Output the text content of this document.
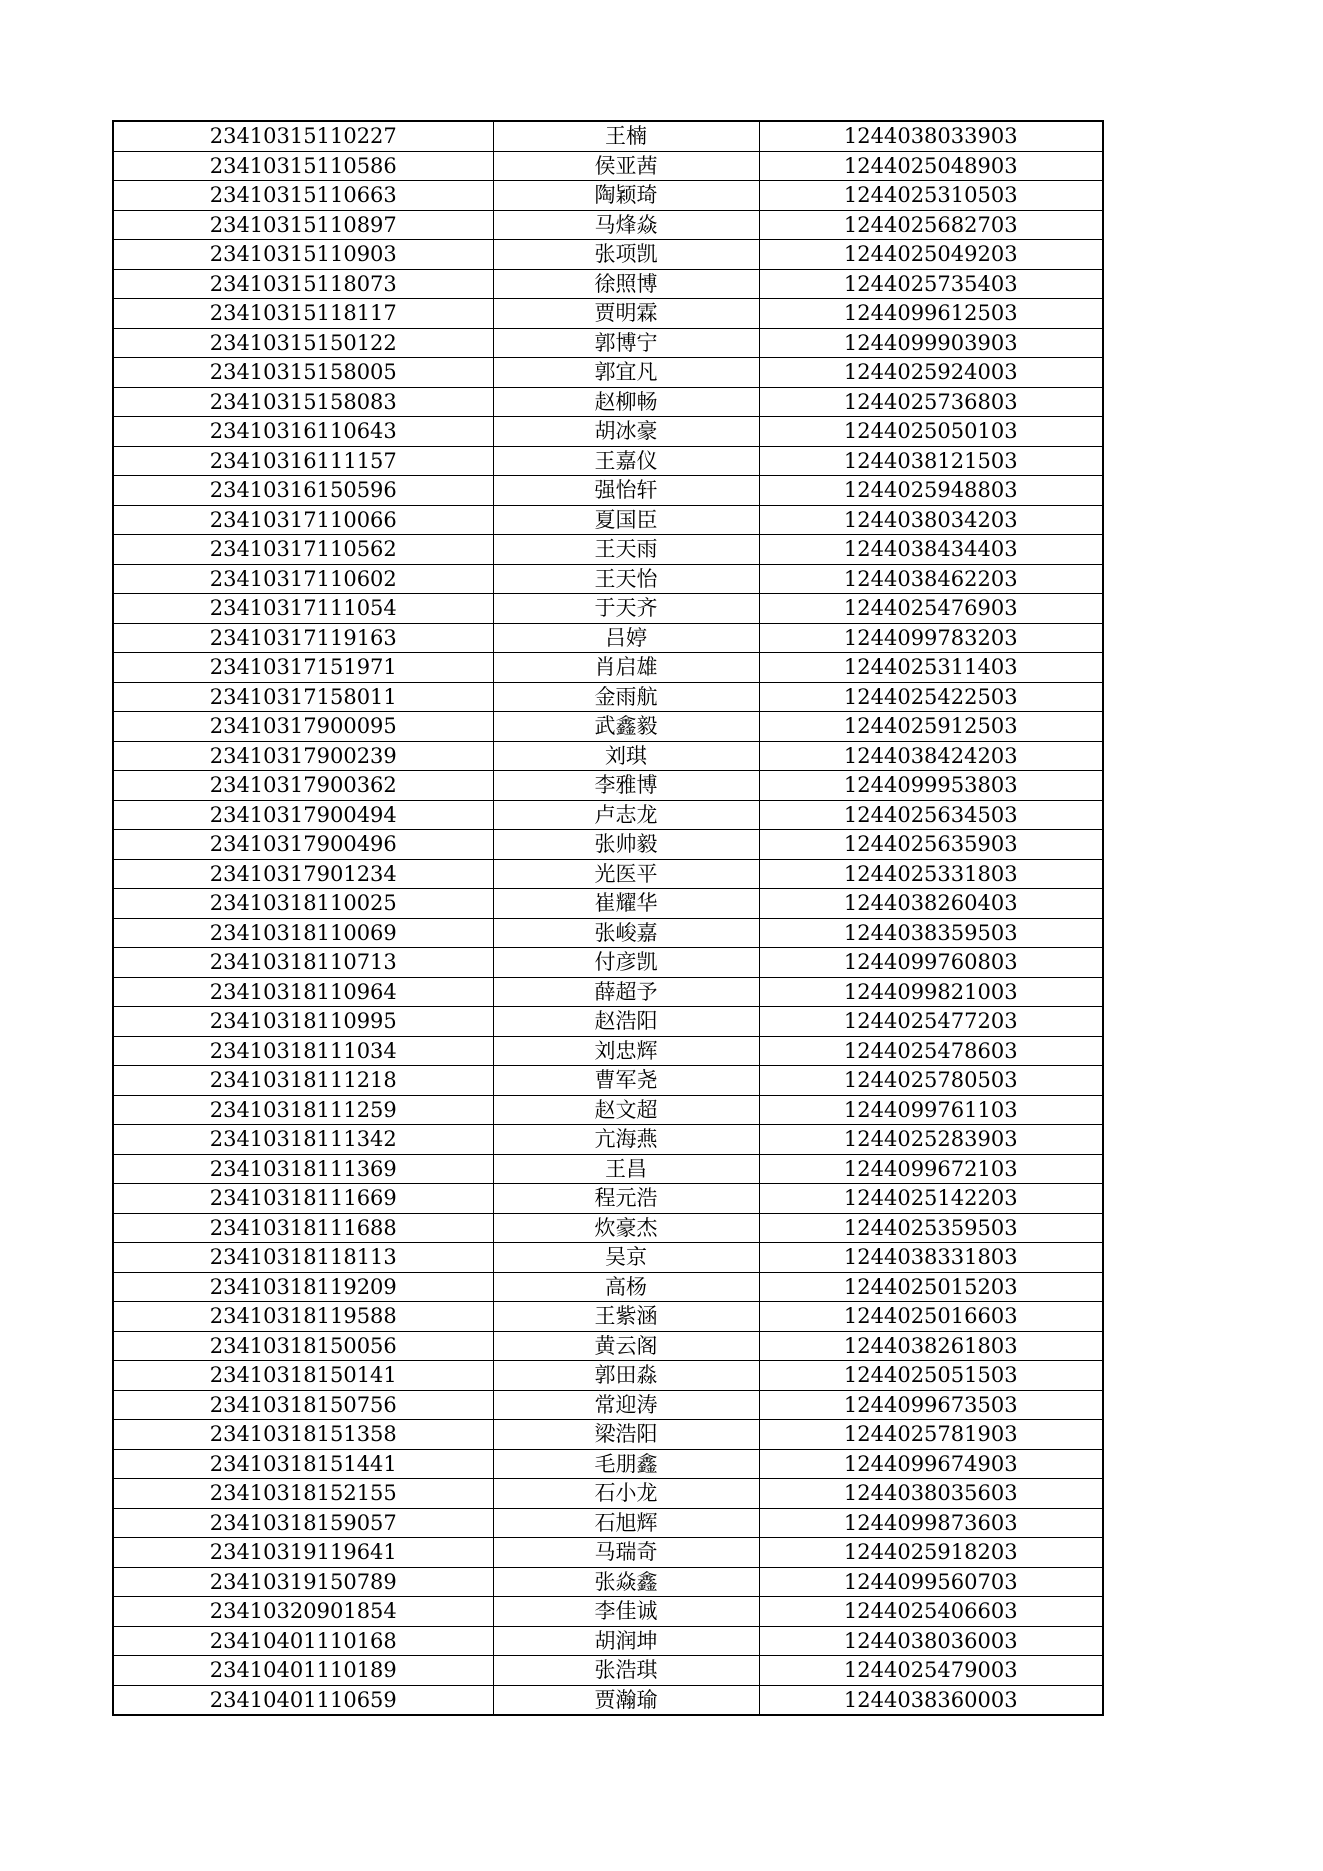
23410315110227	王楠	1244038033903
23410315110586	侯亚茜	1244025048903
23410315110663	陶颖琦	1244025310503
23410315110897	马烽焱	1244025682703
23410315110903	张项凯	1244025049203
23410315118073	徐照博	1244025735403
23410315118117	贾明霖	1244099612503
23410315150122	郭博宁	1244099903903
23410315158005	郭宜凡	1244025924003
23410315158083	赵柳畅	1244025736803
23410316110643	胡冰豪	1244025050103
23410316111157	王嘉仪	1244038121503
23410316150596	强怡轩	1244025948803
23410317110066	夏国臣	1244038034203
23410317110562	王天雨	1244038434403
23410317110602	王天怡	1244038462203
23410317111054	于天齐	1244025476903
23410317119163	吕婷	1244099783203
23410317151971	肖启雄	1244025311403
23410317158011	金雨航	1244025422503
23410317900095	武鑫毅	1244025912503
23410317900239	刘琪	1244038424203
23410317900362	李雅博	1244099953803
23410317900494	卢志龙	1244025634503
23410317900496	张帅毅	1244025635903
23410317901234	光医平	1244025331803
23410318110025	崔耀华	1244038260403
23410318110069	张峻嘉	1244038359503
23410318110713	付彦凯	1244099760803
23410318110964	薛超予	1244099821003
23410318110995	赵浩阳	1244025477203
23410318111034	刘忠辉	1244025478603
23410318111218	曹军尧	1244025780503
23410318111259	赵文超	1244099761103
23410318111342	亢海燕	1244025283903
23410318111369	王昌	1244099672103
23410318111669	程元浩	1244025142203
23410318111688	炊豪杰	1244025359503
23410318118113	吴京	1244038331803
23410318119209	高杨	1244025015203
23410318119588	王紫涵	1244025016603
23410318150056	黄云阁	1244038261803
23410318150141	郭田淼	1244025051503
23410318150756	常迎涛	1244099673503
23410318151358	梁浩阳	1244025781903
23410318151441	毛朋鑫	1244099674903
23410318152155	石小龙	1244038035603
23410318159057	石旭辉	1244099873603
23410319119641	马瑞奇	1244025918203
23410319150789	张焱鑫	1244099560703
23410320901854	李佳诚	1244025406603
23410401110168	胡润坤	1244038036003
23410401110189	张浩琪	1244025479003
23410401110659	贾瀚瑜	1244038360003
